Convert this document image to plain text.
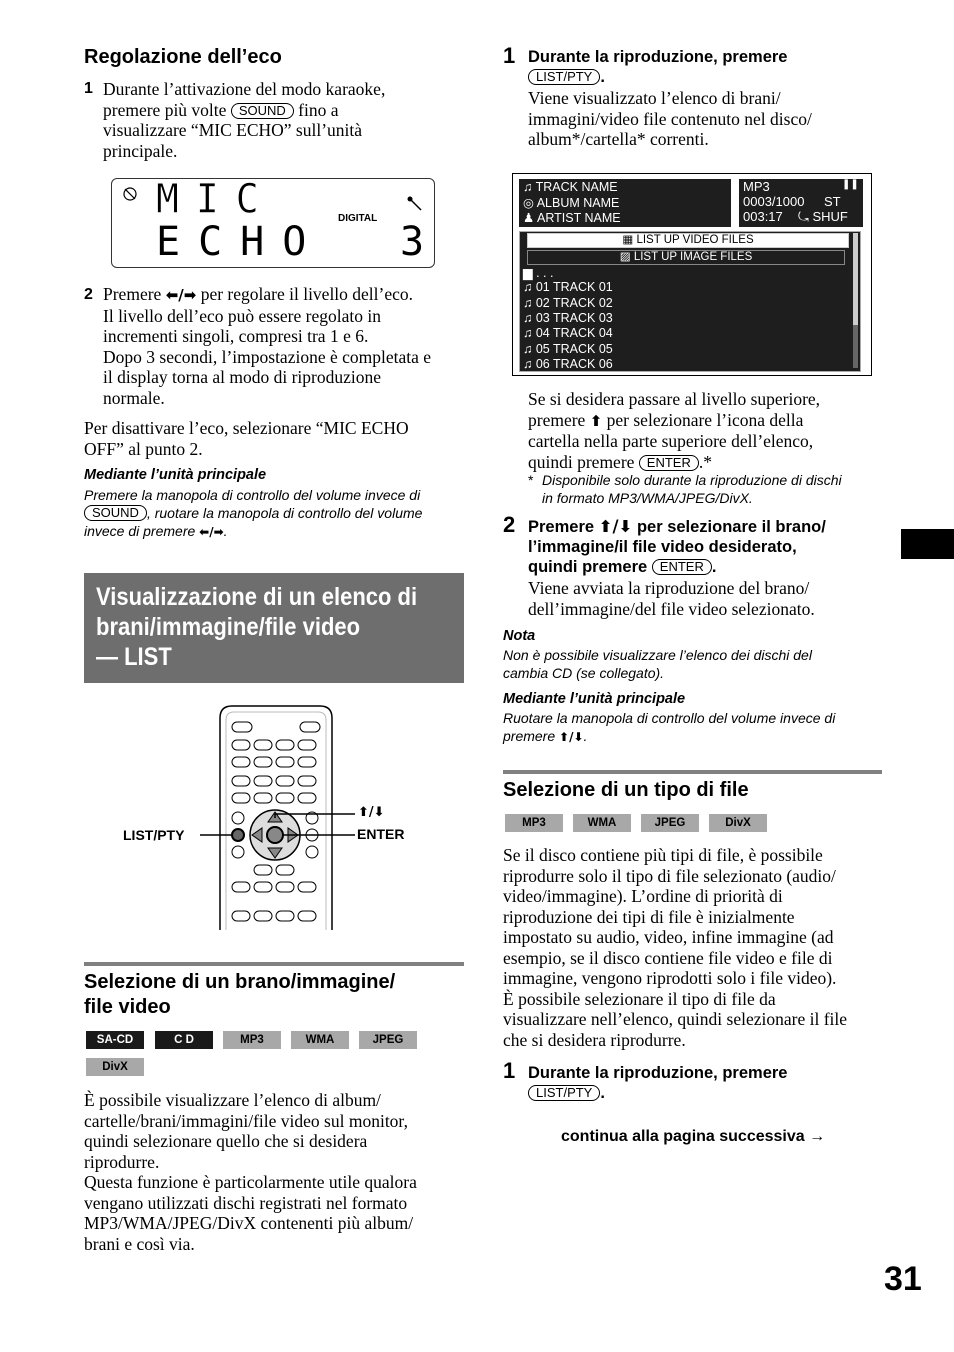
Regolazione dell’eco
1 Durante l’attivazione del modo karaoke,
premere più volte SOUND fino a
visualizzare “MIC ECHO” sull’unità
principale.
MIC
ECHO 3
DIGITAL
2 Premere ⬅/➡ per regolare il livello dell’eco.
Il livello dell’eco può essere regolato in
incrementi singoli, compresi tra 1 e 6.
Dopo 3 secondi, l’impostazione è completata e
il display torna al modo di riproduzione
normale.
Per disattivare l’eco, selezionare “MIC ECHO
OFF” al punto 2.
Mediante l’unità principale
Premere la manopola di controllo del volume invece di
SOUND , ruotare la manopola di controllo del volume
invece di premere ⬅/➡.
Visualizzazione di un elenco di
brani/immagine/file video
— LIST
LIST/PTY
⬆/⬇
ENTER
Selezione di un brano/immagine/
file video
SA-CD	C D	MP3	WMA	JPEG
DivX
È possibile visualizzare l’elenco di album/
cartelle/brani/immagini/file video sul monitor,
quindi selezionare quello che si desidera
riprodurre.
Questa funzione è particolarmente utile qualora
vengano utilizzati dischi registrati nel formato
MP3/WMA/JPEG/DivX contenenti più album/
brani e così via.
1 Durante la riproduzione, premere
LIST/PTY .
Viene visualizzato l’elenco di brani/
immagini/video file contenuto nel disco/
album*/cartella* correnti.
♫ TRACK NAME
◎ ALBUM NAME
♟ ARTIST NAME
MP3	❚❚
0003/1000 ST
003:17 ⤿ SHUF
▦ LIST UP VIDEO FILES
▨ LIST UP IMAGE FILES
▆ . . .
♫ 01 TRACK 01
♫ 02 TRACK 02
♫ 03 TRACK 03
♫ 04 TRACK 04
♫ 05 TRACK 05
♫ 06 TRACK 06
Se si desidera passare al livello superiore,
premere ⬆ per selezionare l’icona della
cartella nella parte superiore dell’elenco,
quindi premere ENTER .*
* Disponibile solo durante la riproduzione di dischi
in formato MP3/WMA/JPEG/DivX.
2 Premere ⬆/⬇ per selezionare il brano/
l’immagine/il file video desiderato,
quindi premere ENTER .
Viene avviata la riproduzione del brano/
dell’immagine/del file video selezionato.
Nota
Non è possibile visualizzare l’elenco dei dischi del
cambia CD (se collegato).
Mediante l’unità principale
Ruotare la manopola di controllo del volume invece di
premere ⬆/⬇.
Selezione di un tipo di file
MP3	WMA	JPEG	DivX
Se il disco contiene più tipi di file, è possibile
riprodurre solo il tipo di file selezionato (audio/
video/immagine). L’ordine di priorità di
riproduzione dei tipi di file è inizialmente
impostato su audio, video, infine immagine (ad
esempio, se il disco contiene file video e file di
immagine, vengono riprodotti solo i file video).
È possibile selezionare il tipo di file da
visualizzare nell’elenco, quindi selezionare il file
che si desidera riprodurre.
1 Durante la riproduzione, premere
LIST/PTY .
continua alla pagina successiva →
31
